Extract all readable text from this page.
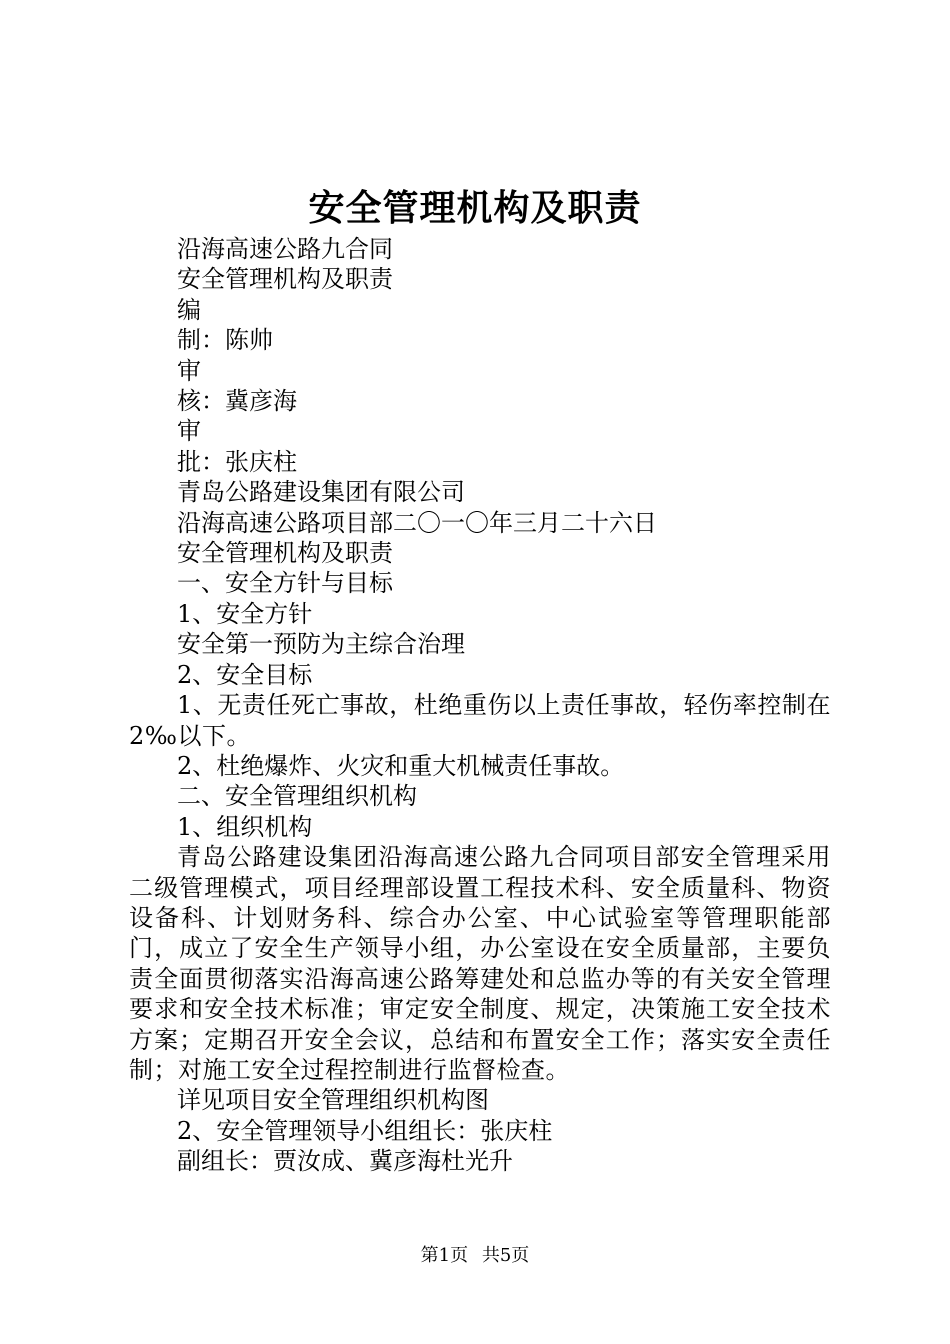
安全管理机构及职责
沿海高速公路九合同
安全管理机构及职责
编
制：陈帅
审
核：冀彦海
审
批：张庆柱
青岛公路建设集团有限公司
沿海高速公路项目部二〇一〇年三月二十六日
安全管理机构及职责
一、安全方针与目标
1、安全方针
安全第一预防为主综合治理
2、安全目标
1、无责任死亡事故，杜绝重伤以上责任事故，轻伤率控制在2‰以下。
2、杜绝爆炸、火灾和重大机械责任事故。
二、安全管理组织机构
1、组织机构
青岛公路建设集团沿海高速公路九合同项目部安全管理采用二级管理模式，项目经理部设置工程技术科、安全质量科、物资设备科、计划财务科、综合办公室、中心试验室等管理职能部门，成立了安全生产领导小组，办公室设在安全质量部，主要负责全面贯彻落实沿海高速公路筹建处和总监办等的有关安全管理要求和安全技术标准；审定安全制度、规定，决策施工安全技术方案；定期召开安全会议，总结和布置安全工作；落实安全责任制；对施工安全过程控制进行监督检查。
详见项目安全管理组织机构图
2、安全管理领导小组组长：张庆柱
副组长：贾汝成、冀彦海杜光升
第1页 共5页
